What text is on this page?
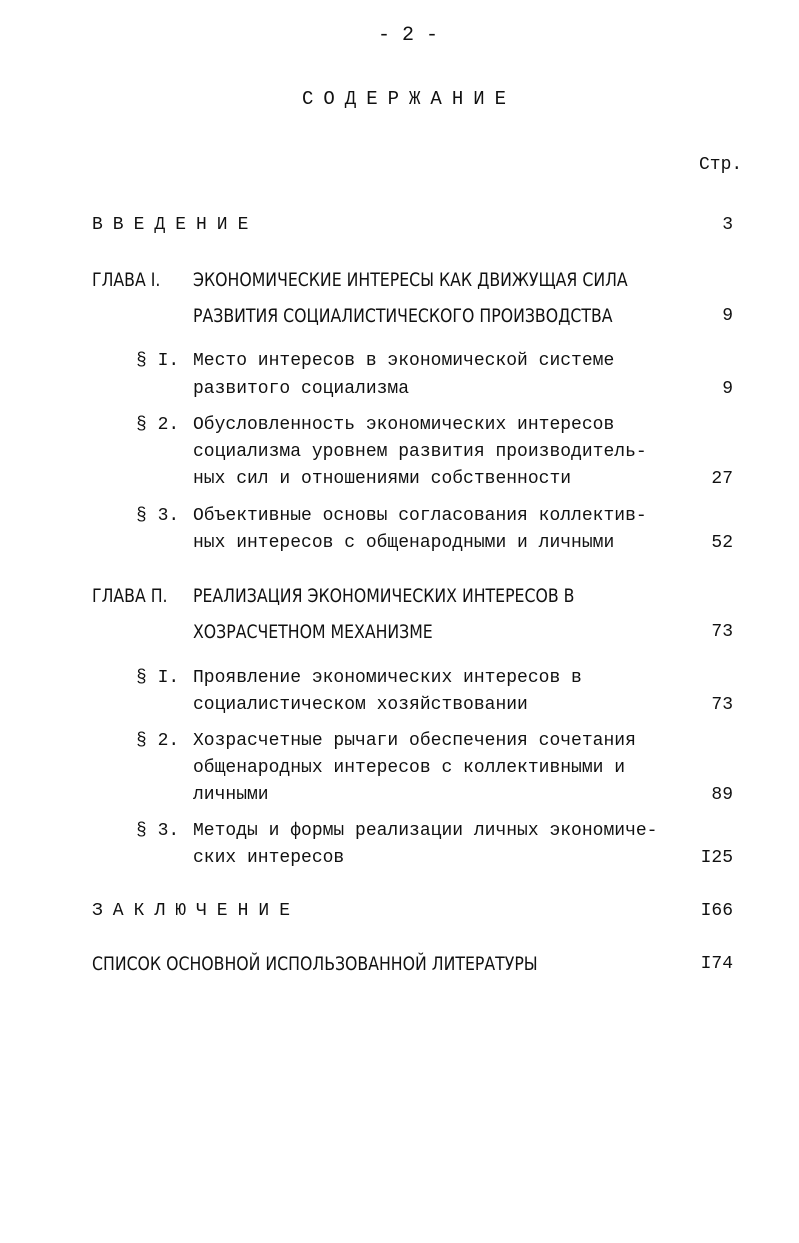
- 2 -
СОДЕРЖАНИЕ
Стр.
ВВЕДЕНИЕ	3
ГЛАВА I. ЭКОНОМИЧЕСКИЕ ИНТЕРЕСЫ КАК ДВИЖУЩАЯ СИЛА
РАЗВИТИЯ СОЦИАЛИСТИЧЕСКОГО ПРОИЗВОДСТВА	9
§ I. Место интересов в экономической системе
развитого социализма	9
§ 2. Обусловленность экономических интересов
социализма уровнем развития производитель-
ных сил и отношениями собственности	27
§ 3. Объективные основы согласования коллектив-
ных интересов с общенародными и личными	52
ГЛАВА П. РЕАЛИЗАЦИЯ ЭКОНОМИЧЕСКИХ ИНТЕРЕСОВ В
ХОЗРАСЧЕТНОМ МЕХАНИЗМЕ	73
§ I. Проявление экономических интересов в
социалистическом хозяйствовании	73
§ 2. Хозрасчетные рычаги обеспечения сочетания
общенародных интересов с коллективными и
личными	89
§ 3. Методы и формы реализации личных экономиче-
ских интересов	I25
ЗАКЛЮЧЕНИЕ	I66
СПИСОК ОСНОВНОЙ ИСПОЛЬЗОВАННОЙ ЛИТЕРАТУРЫ	I74
